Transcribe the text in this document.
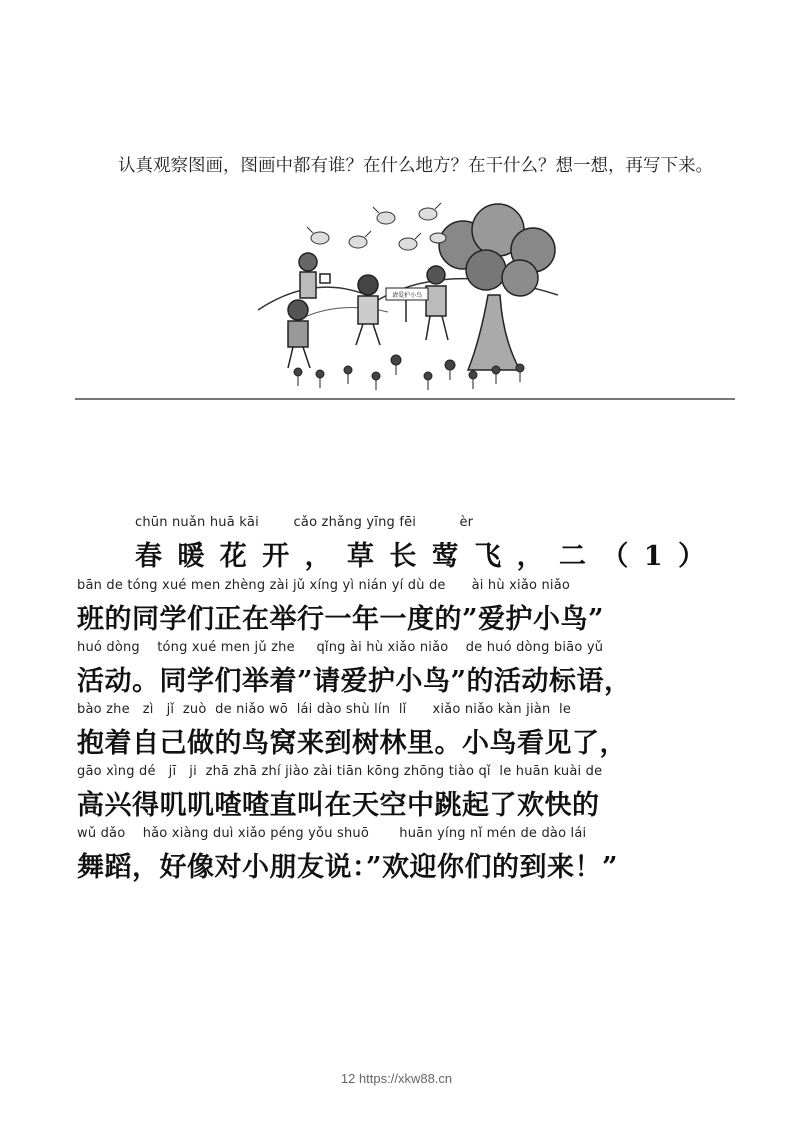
认真观察图画，图画中都有谁？在什么地方？在干什么？想一想，再写下来。
请爱护小鸟
chūn nuǎn huā kāi        cǎo zhǎng yīng fēi          èr
春 暖 花 开 ， 草 长 莺 飞 ， 二 （ 1 ）
bān de tóng xué men zhèng zài jǔ xíng yì nián yí dù de      ài hù xiǎo niǎo
班的同学们正在举行一年一度的”爱护小鸟”
huó dòng    tóng xué men jǔ zhe     qǐng ài hù xiǎo niǎo    de huó dòng biāo yǔ
活动。同学们举着”请爱护小鸟”的活动标语，
bào zhe   zì   jǐ  zuò  de niǎo wō  lái dào shù lín  lǐ      xiǎo niǎo kàn jiàn  le
抱着自己做的鸟窝来到树林里。小鸟看见了，
gāo xìng dé   jī   ji  zhā zhā zhí jiào zài tiān kōng zhōng tiào qǐ  le huān kuài de
高兴得叽叽喳喳直叫在天空中跳起了欢快的
wǔ dǎo    hǎo xiàng duì xiǎo péng yǒu shuō       huān yíng nǐ mén de dào lái
舞蹈，好像对小朋友说：”欢迎你们的到来！”
12 https://xkw88.cn
